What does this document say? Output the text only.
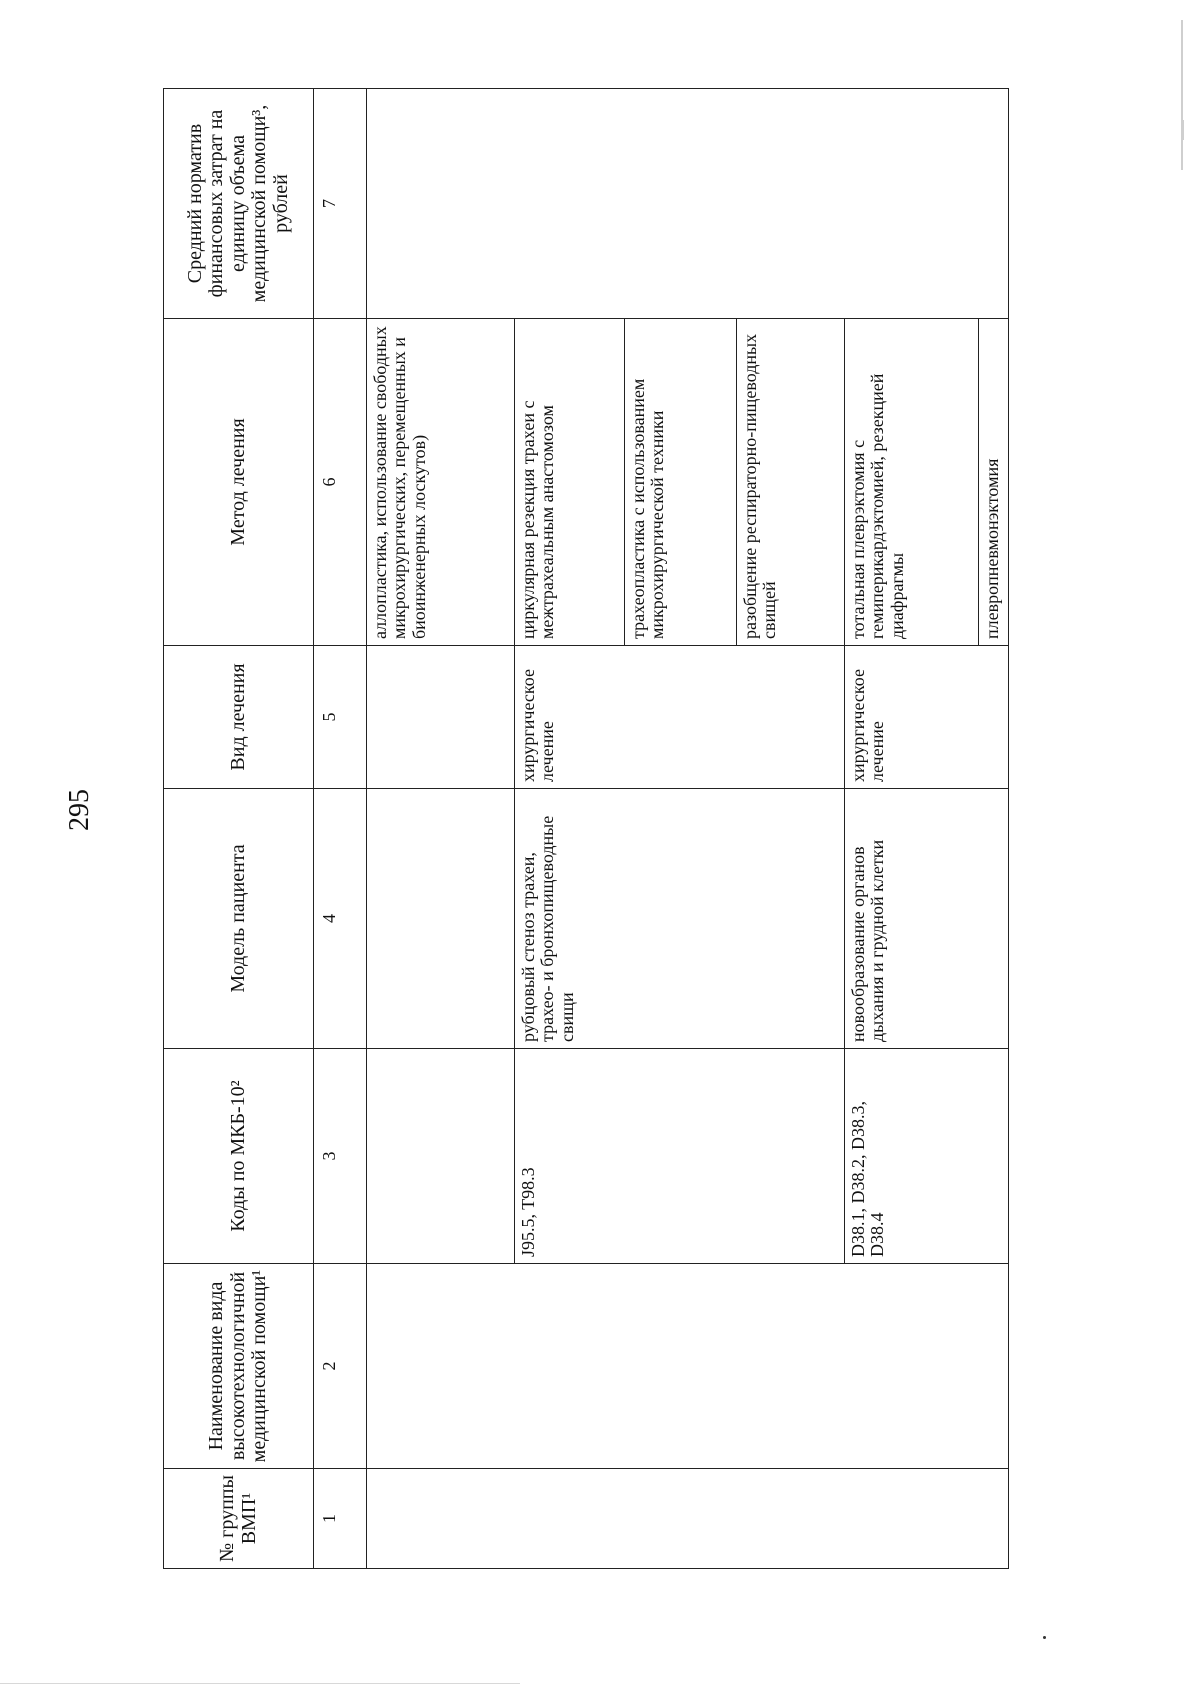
295
№ группы ВМП¹	Наименование вида высокотехнологичной медицинской помощи¹	Коды по МКБ-10²	Модель пациента	Вид лечения	Метод лечения	Средний норматив финансовых затрат на единицу объема медицинской помощи³, рублей
1	2	3	4	5	6	7
					аллопластика, использование свободных микрохирургических, перемещенных и биоинженерных лоскутов)	
		J95.5, T98.3	рубцовый стеноз трахеи, трахео- и бронхопищеводные свищи	хирургическое лечение	циркулярная резекция трахеи с межтрахеальным анастомозом	
					трахеопластика с использованием микрохирургической техники	
					разобщение респираторно-пищеводных свищей	
		D38.1, D38.2, D38.3, D38.4	новообразование органов дыхания и грудной клетки	хирургическое лечение	тотальная плеврэктомия с гемиперикардэктомией, резекцией диафрагмы	
					плевропневмонэктомия	
